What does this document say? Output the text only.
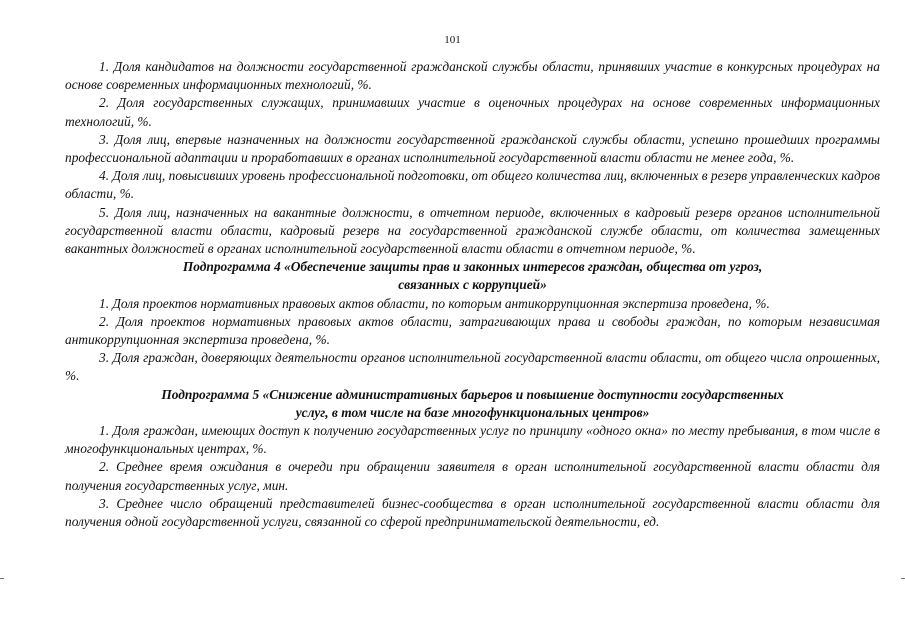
101

1. Доля кандидатов на должности государственной гражданской службы области, принявших участие в конкурсных процедурах на основе современных информационных технологий, %.

2. Доля государственных служащих, принимавших участие в оценочных процедурах на основе современных информационных технологий, %.

3. Доля лиц, впервые назначенных на должности государственной гражданской службы области, успешно прошедших программы профессиональной адаптации и проработавших в органах исполнительной государственной власти области не менее года, %.

4. Доля лиц, повысивших уровень профессиональной подготовки, от общего количества лиц, включенных в резерв управленческих кадров области, %.

5. Доля лиц, назначенных на вакантные должности, в отчетном периоде, включенных в кадровый резерв органов исполнительной государственной власти области, кадровый резерв на государственной гражданской службе области, от количества замещенных вакантных должностей в органах исполнительной государственной власти области в отчетном периоде, %.

Подпрограмма 4 «Обеспечение защиты прав и законных интересов граждан, общества от угроз,
связанных с коррупцией»

1. Доля проектов нормативных правовых актов области, по которым антикоррупционная экспертиза проведена, %.

2. Доля проектов нормативных правовых актов области, затрагивающих права и свободы граждан, по которым независимая антикоррупционная экспертиза проведена, %.

3. Доля граждан, доверяющих деятельности органов исполнительной государственной власти области, от общего числа опрошенных, %.

Подпрограмма 5 «Снижение административных барьеров и повышение доступности государственных
услуг, в том числе на базе многофункциональных центров»

1. Доля граждан, имеющих доступ к получению государственных услуг по принципу «одного окна» по месту пребывания, в том числе в многофункциональных центрах, %.

2. Среднее время ожидания в очереди при обращении заявителя в орган исполнительной государственной власти области для получения государственных услуг, мин.

3. Среднее число обращений представителей бизнес-сообщества в орган исполнительной государственной власти области для получения одной государственной услуги, связанной со сферой предпринимательской деятельности, ед.
